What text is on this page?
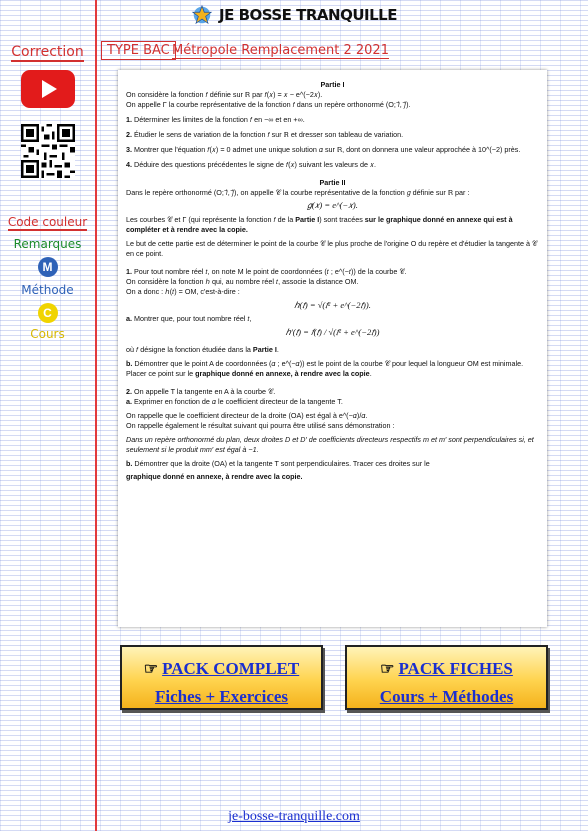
JE BOSSE TRANQUILLE
Correction

Code couleur
Remarques
M
Méthode
C
Cours
TYPE BAC Métropole Remplacement 2 2021

Partie I

On considère la fonction 𝑓 définie sur ℝ par 𝑓(𝑥) = 𝑥 − e^(−2𝑥).

On appelle Γ la courbe représentative de la fonction 𝑓 dans un repère orthonormé (O; 𝑖⃗, 𝑗⃗).

1. Déterminer les limites de la fonction 𝑓 en −∞ et en +∞.

2. Étudier le sens de variation de la fonction 𝑓 sur ℝ et dresser son tableau de variation.

3. Montrer que l'équation 𝑓(𝑥) = 0 admet une unique solution 𝛼 sur ℝ, dont on donnera une valeur approchée à 10^(−2) près.

4. Déduire des questions précédentes le signe de 𝑓(𝑥) suivant les valeurs de 𝑥.

Partie II

Dans le repère orthonormé (O; 𝑖⃗, 𝑗⃗), on appelle 𝒞 la courbe représentative de la fonction 𝑔 définie sur ℝ par :

𝑔(𝑥) = e^(−𝑥).

Les courbes 𝒞 et Γ (qui représente la fonction 𝑓 de la Partie I) sont tracées sur le graphique donné en annexe qui est à compléter et à rendre avec la copie.

Le but de cette partie est de déterminer le point de la courbe 𝒞 le plus proche de l'origine O du repère et d'étudier la tangente à 𝒞 en ce point.

1. Pour tout nombre réel 𝑡, on note M le point de coordonnées (𝑡 ; e^(−𝑡)) de la courbe 𝒞.

On considère la fonction ℎ qui, au nombre réel 𝑡, associe la distance OM.

On a donc : ℎ(𝑡) = OM, c'est-à-dire :

ℎ(𝑡) = √(𝑡² + e^(−2𝑡)).

a. Montrer que, pour tout nombre réel 𝑡,

ℎ′(𝑡) = 𝑓(𝑡) / √(𝑡² + e^(−2𝑡))

où 𝑓 désigne la fonction étudiée dans la Partie I.

b. Démontrer que le point A de coordonnées (𝛼 ; e^(−𝛼)) est le point de la courbe 𝒞 pour lequel la longueur OM est minimale. Placer ce point sur le graphique donné en annexe, à rendre avec la copie.

2. On appelle T la tangente en A à la courbe 𝒞.

a. Exprimer en fonction de 𝛼 le coefficient directeur de la tangente T.

On rappelle que le coefficient directeur de la droite (OA) est égal à e^(−𝛼)/𝛼.

On rappelle également le résultat suivant qui pourra être utilisé sans démonstration :

Dans un repère orthonormé du plan, deux droites D et D′ de coefficients directeurs respectifs m et m′ sont perpendiculaires si, et seulement si le produit mm′ est égal à −1.

b. Démontrer que la droite (OA) et la tangente T sont perpendiculaires. Tracer ces droites sur le

graphique donné en annexe, à rendre avec la copie.

☞ PACK COMPLET
Fiches + Exercices
☞ PACK FICHES
Cours + Méthodes
je-bosse-tranquille.com
